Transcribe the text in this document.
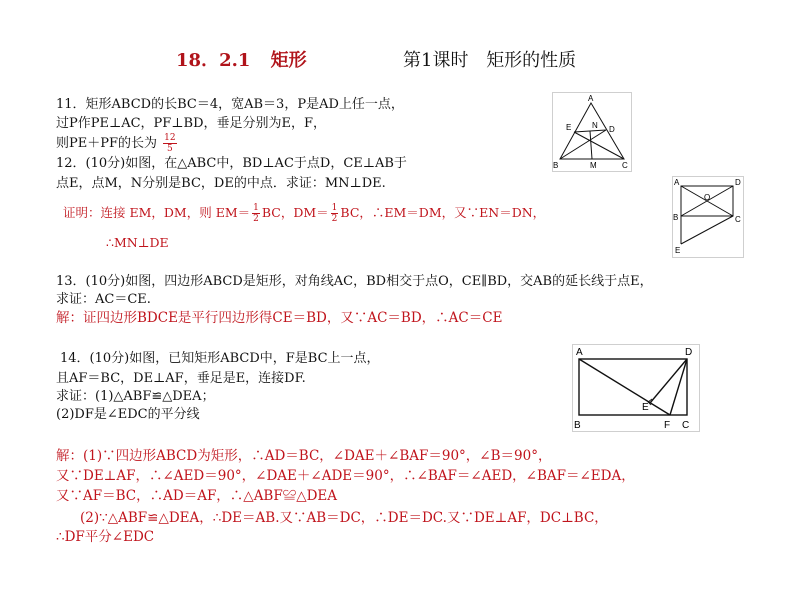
18．2.1 矩形	第1课时 矩形的性质
11．矩形ABCD的长BC＝4，宽AB＝3，P是AD上任一点，
过P作PE⊥AC，PF⊥BD，垂足分别为E，F，
则PE＋PF的长为 $\frac{12}{5}$
12．(10分)如图，在△ABC中，BD⊥AC于点D，CE⊥AB于
点E，点M，N分别是BC，DE的中点．求证：MN⊥DE.
证明：连接 EM，DM，则 $EM= \frac{1}{2}$ BC，$DM= \frac{1}{2}$ BC，∴EM＝DM，又∵EN＝DN，
∴MN⊥DE
13．(10分)如图，四边形ABCD是矩形，对角线AC，BD相交于点O，CE∥BD，交AB的延长线于点E，
求证：AC＝CE.
解：证四边形BDCE是平行四边形得CE＝BD，又∵AC＝BD，∴AC＝CE
14．(10分)如图，已知矩形ABCD中，F是BC上一点，
且AF＝BC，DE⊥AF，垂足是E，连接DF.
求证：(1)△ABF≌△DEA；
(2)DF是∠EDC的平分线
解：(1)∵四边形ABCD为矩形，∴AD＝BC，∠DAE＋∠BAF＝90°，∠B＝90°，
又∵DE⊥AF，∴∠AED＝90°，∠DAE＋∠ADE＝90°，∴∠BAF＝∠AED，∠BAF＝∠EDA，
又∵AF＝BC，∴AD＝AF，∴△ABF≌△DEA
(2)∵△ABF≌△DEA，∴DE＝AB.又∵AB＝DC，∴DE＝DC.又∵DE⊥AF，DC⊥BC，
∴DF平分∠EDC
A
B	C
D
E
M
N
A	D
B	C
E
O
A	D
B	C
F
E
